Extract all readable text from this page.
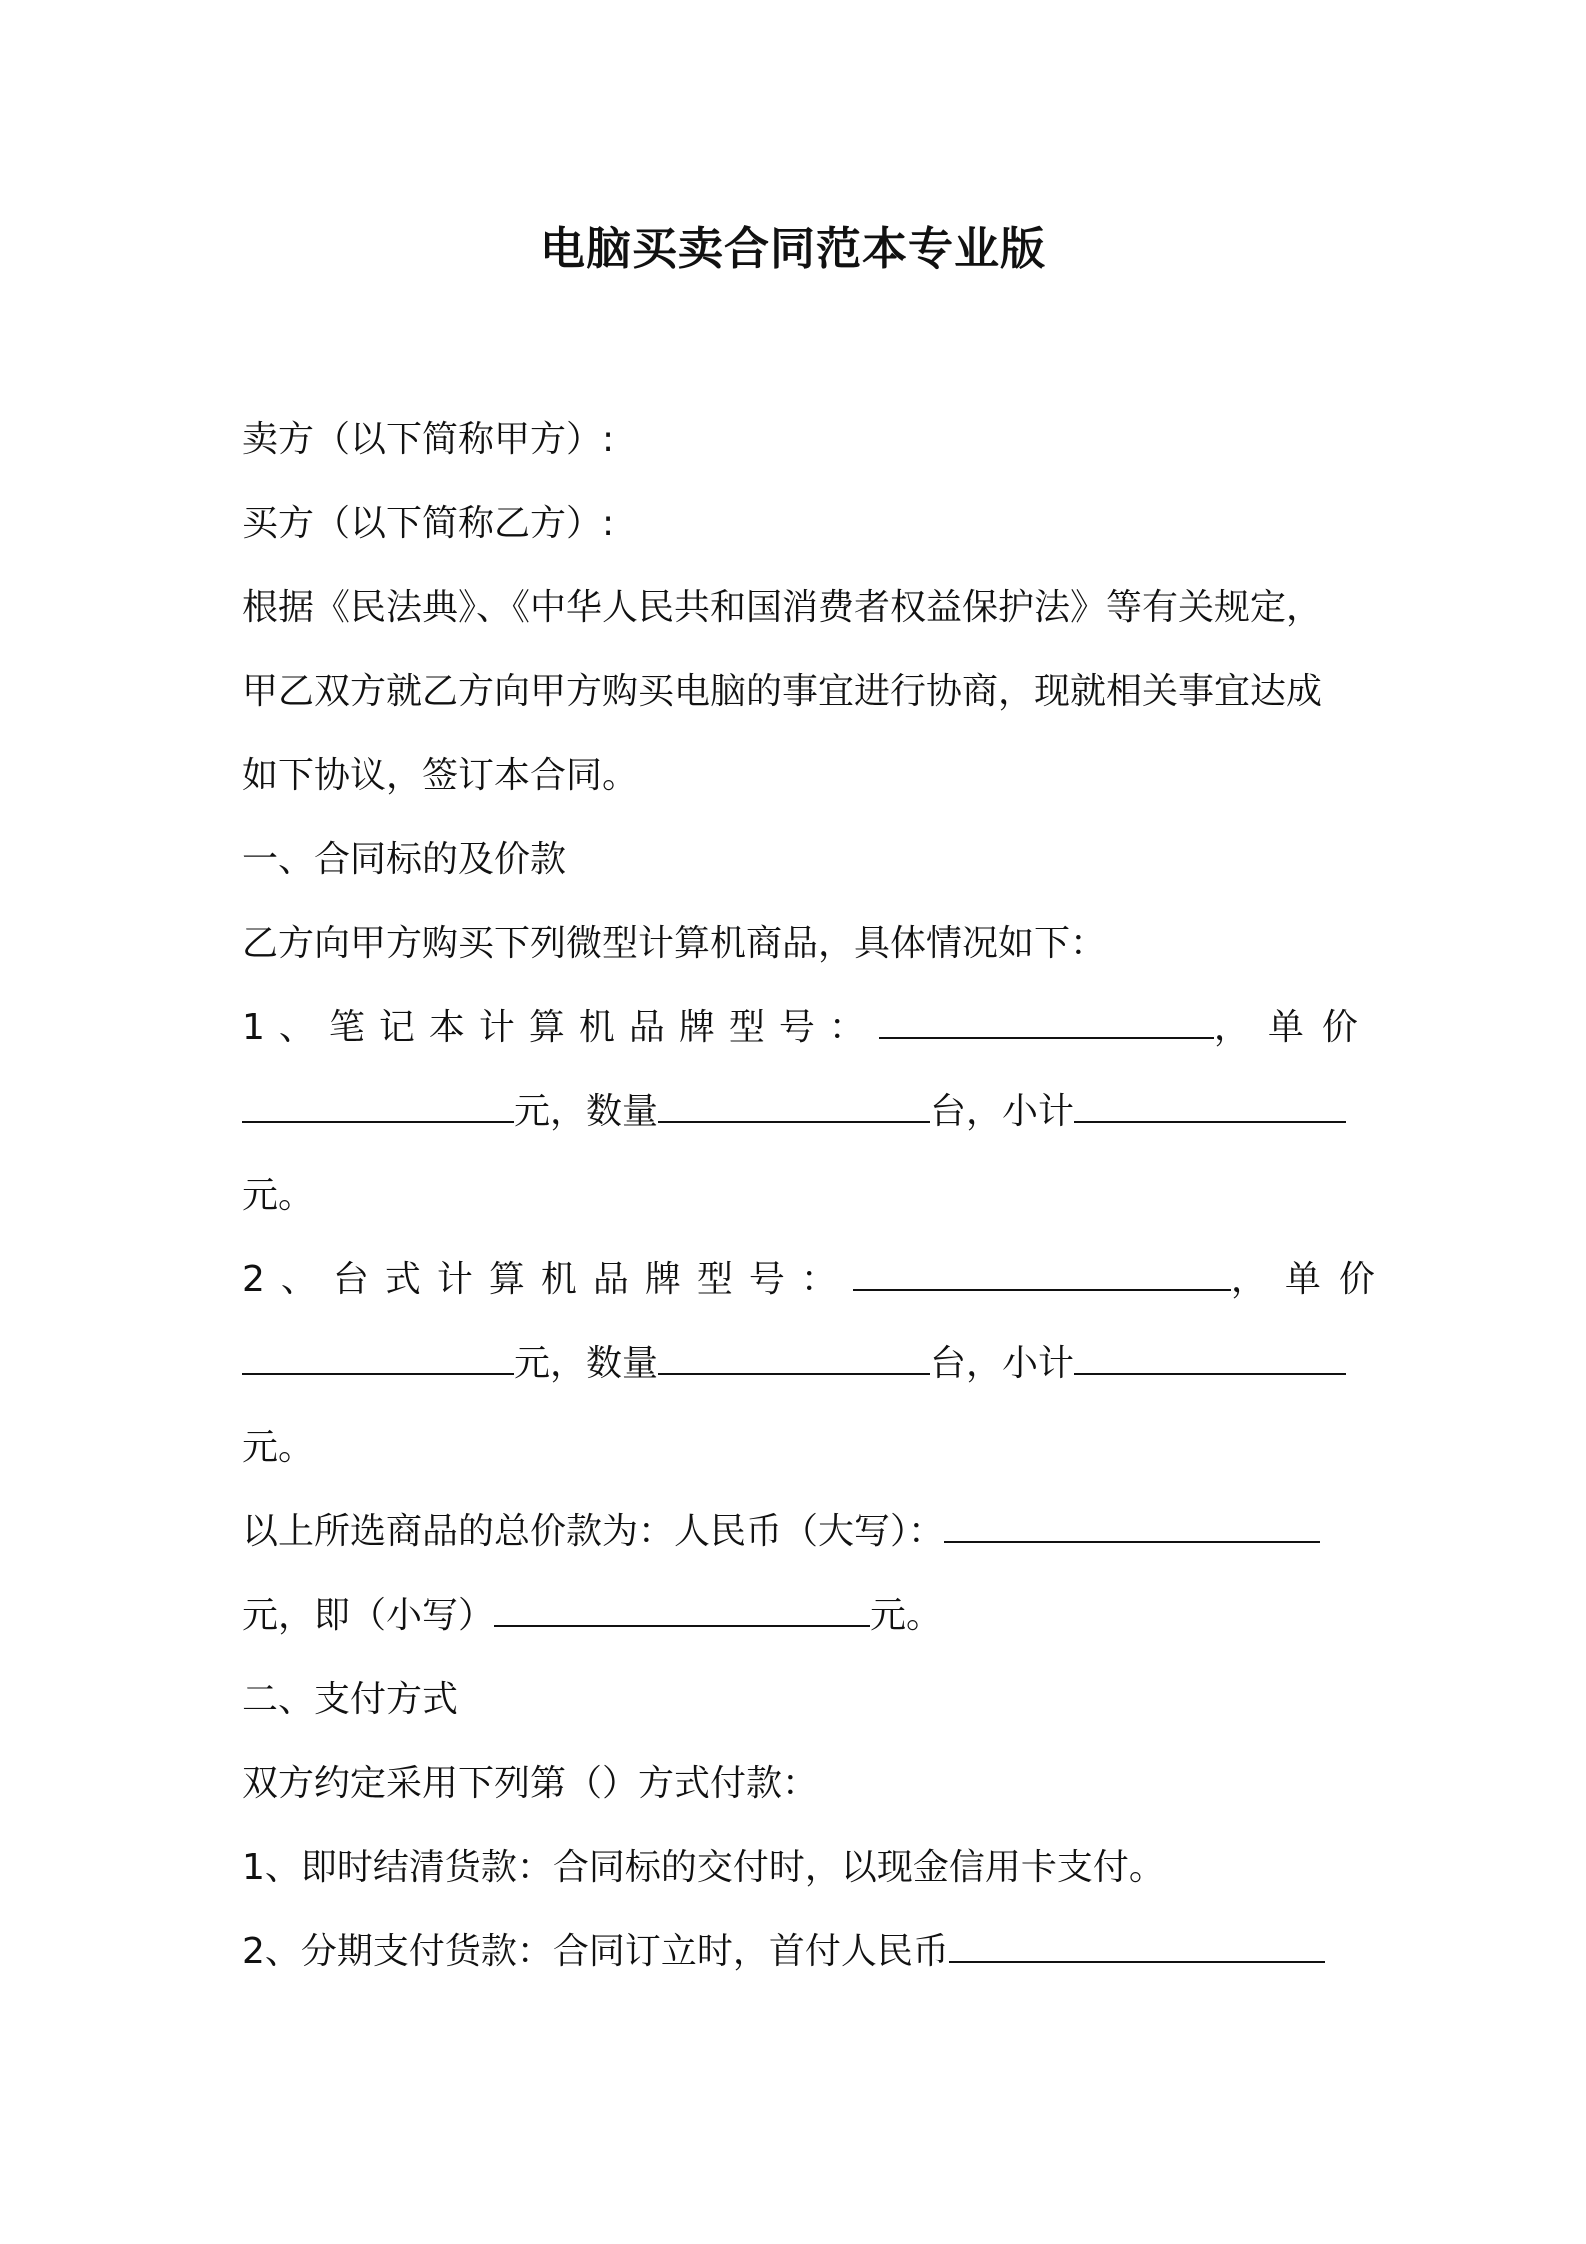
电脑买卖合同范本专业版
卖方（以下简称甲方）:
买方（以下简称乙方）:
根据《民法典》、《中华人民共和国消费者权益保护法》等有关规定，
甲乙双方就乙方向甲方购买电脑的事宜进行协商，现就相关事宜达成
如下协议，签订本合同。
一、合同标的及价款
乙方向甲方购买下列微型计算机商品，具体情况如下：
1、笔记本计算机品牌型号：	，单价
元，数量	台，小计
元。
2、台式计算机品牌型号：	，单价
元，数量	台，小计
元。
以上所选商品的总价款为：人民币（大写）：
元，即（小写）	元。
二、支付方式
双方约定采用下列第（）方式付款：
1、即时结清货款：合同标的交付时，以现金信用卡支付。
2、分期支付货款：合同订立时，首付人民币
